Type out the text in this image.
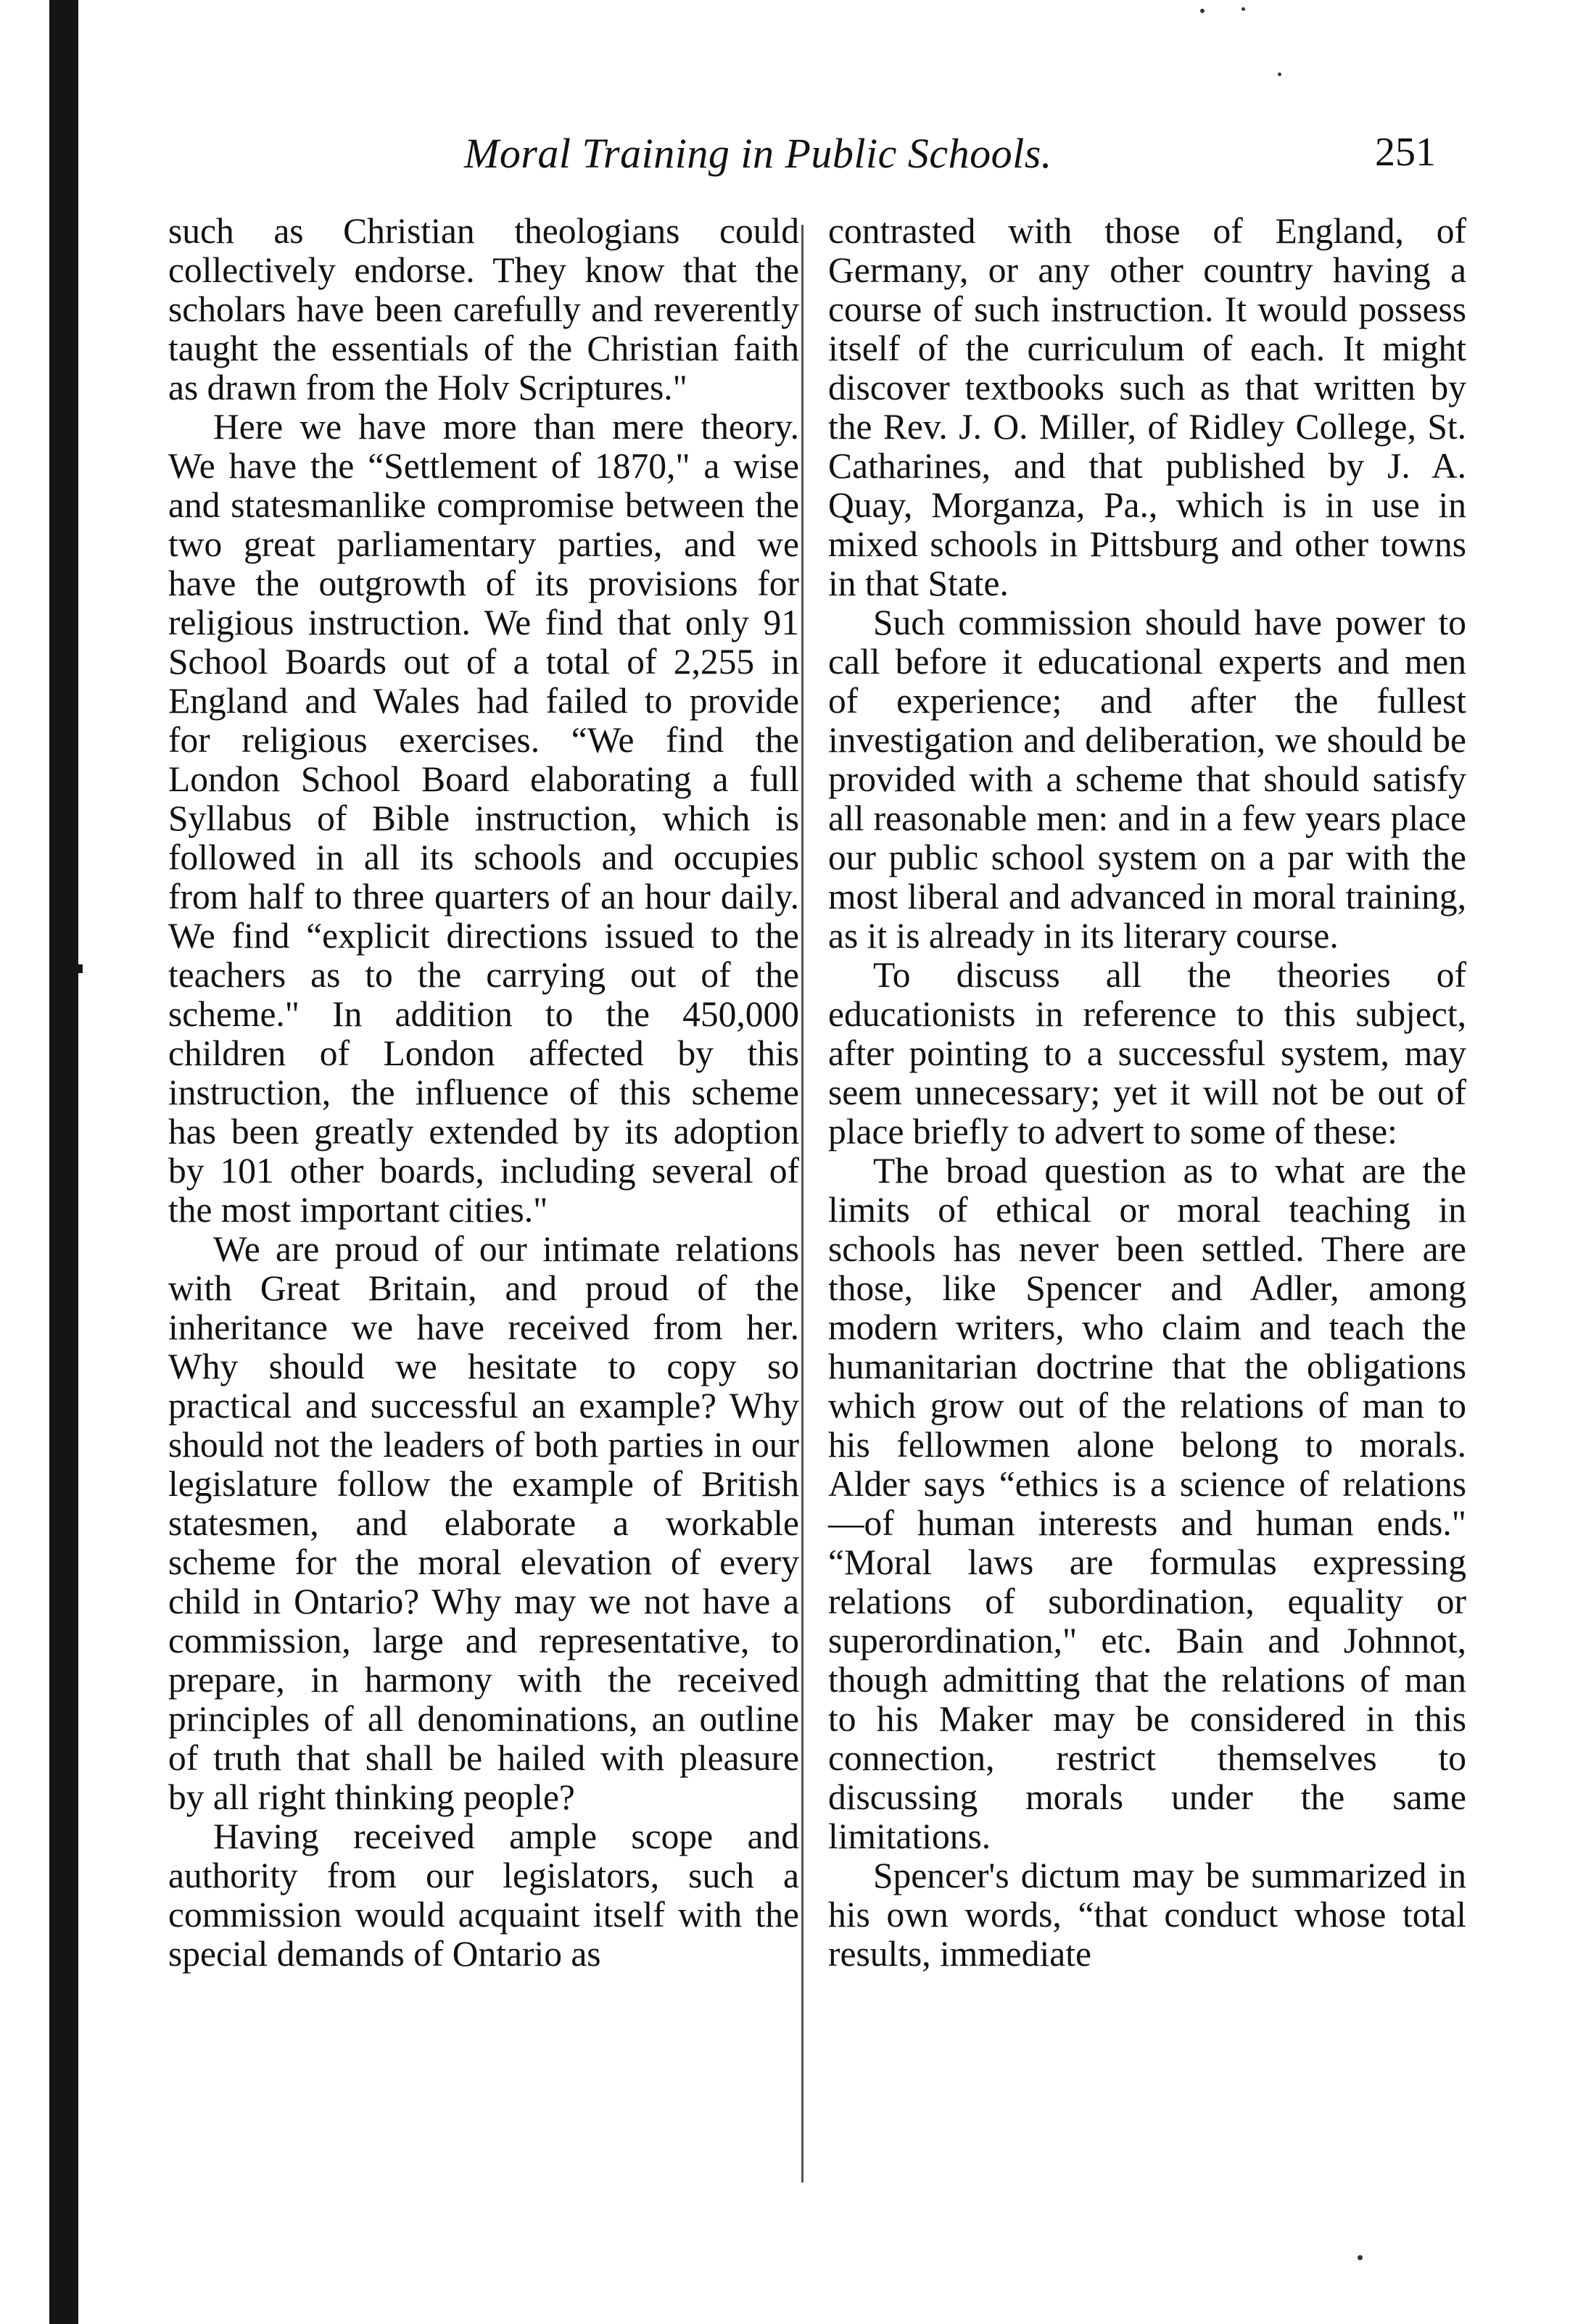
Moral Training in Public Schools.	251

such as Christian theologians could collectively endorse. They know that the scholars have been carefully and reverently taught the essentials of the Christian faith as drawn from the Holv Scriptures."

Here we have more than mere theory. We have the “Settlement of 1870," a wise and statesmanlike compromise between the two great parliamentary parties, and we have the outgrowth of its provisions for religious instruction. We find that only 91 School Boards out of a total of 2,255 in England and Wales had failed to provide for religious exercises. “We find the London School Board elaborating a full Syllabus of Bible instruction, which is followed in all its schools and occupies from half to three quarters of an hour daily. We find “explicit directions issued to the teachers as to the carrying out of the scheme." In addition to the 450,000 children of London affected by this instruction, the influence of this scheme has been greatly extended by its adoption by 101 other boards, including several of the most important cities."

We are proud of our intimate relations with Great Britain, and proud of the inheritance we have received from her. Why should we hesitate to copy so practical and successful an example? Why should not the leaders of both parties in our legislature follow the example of British statesmen, and elaborate a workable scheme for the moral elevation of every child in Ontario? Why may we not have a commission, large and representative, to prepare, in harmony with the received principles of all denominations, an outline of truth that shall be hailed with pleasure by all right thinking people?

Having received ample scope and authority from our legislators, such a commission would acquaint itself with the special demands of Ontario as

contrasted with those of England, of Germany, or any other country having a course of such instruction. It would possess itself of the curriculum of each. It might discover textbooks such as that written by the Rev. J. O. Miller, of Ridley College, St. Catharines, and that published by J. A. Quay, Morganza, Pa., which is in use in mixed schools in Pittsburg and other towns in that State.

Such commission should have power to call before it educational experts and men of experience; and after the fullest investigation and deliberation, we should be provided with a scheme that should satisfy all reasonable men: and in a few years place our public school system on a par with the most liberal and advanced in moral training, as it is already in its literary course.

To discuss all the theories of educationists in reference to this subject, after pointing to a successful system, may seem unnecessary; yet it will not be out of place briefly to advert to some of these:

The broad question as to what are the limits of ethical or moral teaching in schools has never been settled. There are those, like Spencer and Adler, among modern writers, who claim and teach the humanitarian doctrine that the obligations which grow out of the relations of man to his fellowmen alone belong to morals. Alder says “ethics is a science of relations—of human interests and human ends." “Moral laws are formulas expressing relations of subordination, equality or superordination," etc. Bain and Johnnot, though admitting that the relations of man to his Maker may be considered in this connection, restrict themselves to discussing morals under the same limitations.

Spencer's dictum may be summarized in his own words, “that conduct whose total results, immediate
